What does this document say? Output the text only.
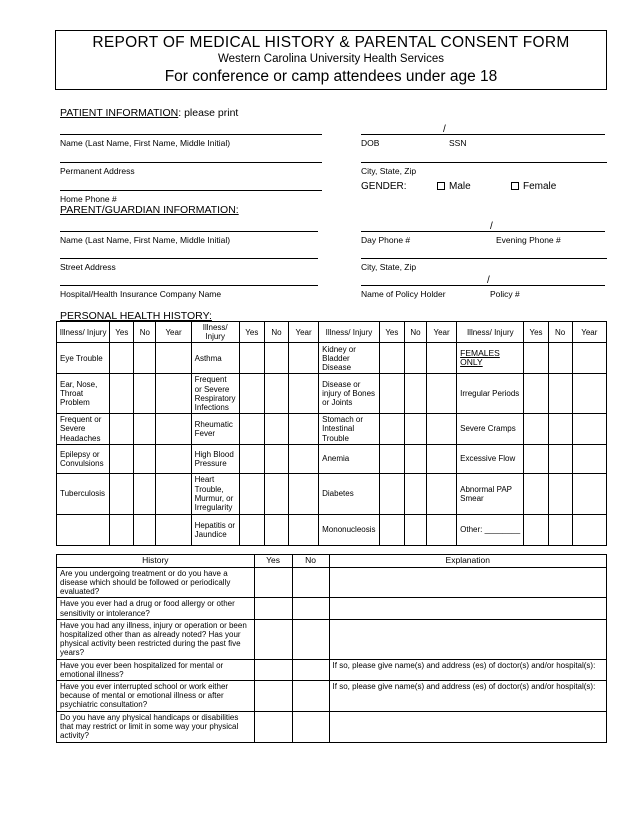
REPORT OF MEDICAL HISTORY & PARENTAL CONSENT FORM
Western Carolina University Health Services
For conference or camp attendees under age 18
PATIENT INFORMATION: please print
Name (Last Name, First Name, Middle Initial)
/
DOB	SSN
Permanent Address	City, State, Zip
GENDER:	Male	Female
Home Phone #
PARENT/GUARDIAN INFORMATION:
Name (Last Name, First Name, Middle Initial)
/
Day Phone #	Evening Phone #
Street Address	City, State, Zip
Hospital/Health Insurance Company Name
/
Name of Policy Holder	Policy #
PERSONAL HEALTH HISTORY:
Illness/ Injury	Yes	No	Year	Illness/ Injury	Yes	No	Year	Illness/ Injury	Yes	No	Year	Illness/ Injury	Yes	No	Year
Eye Trouble				Asthma				Kidney or Bladder Disease				FEMALES ONLY			
Ear, Nose, Throat Problem				Frequent or Severe Respiratory Infections				Disease or injury of Bones or Joints				Irregular Periods			
Frequent or Severe Headaches				Rheumatic Fever				Stomach or Intestinal Trouble				Severe Cramps			
Epilepsy or Convulsions				High Blood Pressure				Anemia				Excessive Flow			
Tuberculosis				Heart Trouble, Murmur, or Irregularity				Diabetes				Abnormal PAP Smear			
				Hepatitis or Jaundice				Mononucleosis				Other: ________			
History	Yes	No	Explanation
Are you undergoing treatment or do you have a disease which should be followed or periodically evaluated?			
Have you ever had a drug or food allergy or other sensitivity or intolerance?			
Have you had any illness, injury or operation or been hospitalized other than as already noted? Has your physical activity been restricted during the past five years?			
Have you ever been hospitalized for mental or emotional illness?			If so, please give name(s) and address (es) of doctor(s) and/or hospital(s):
Have you ever interrupted school or work either because of mental or emotional illness or after psychiatric consultation?			If so, please give name(s) and address (es) of doctor(s) and/or hospital(s):
Do you have any physical handicaps or disabilities that may restrict or limit in some way your physical activity?			
